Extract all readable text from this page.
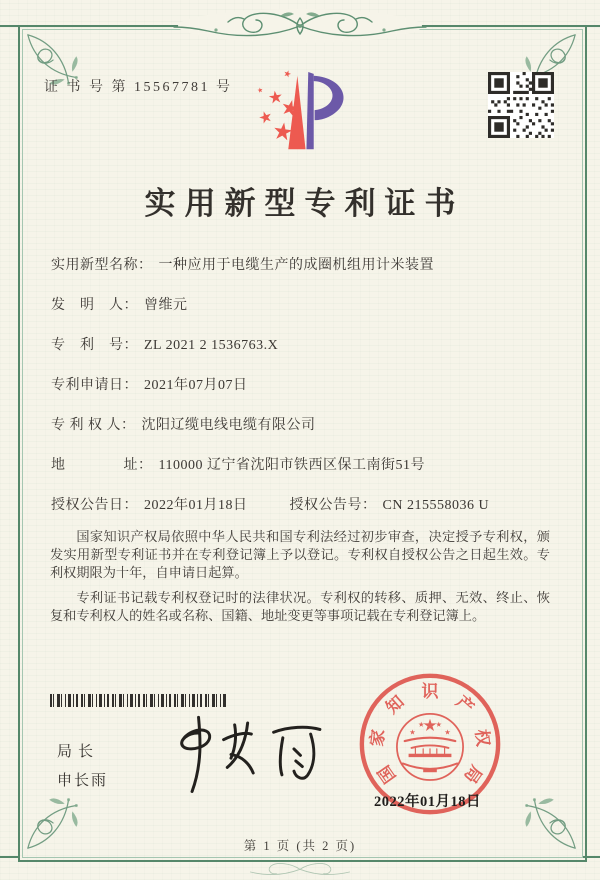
证 书 号 第 15567781 号
实用新型专利证书
实用新型名称： 一种应用于电缆生产的成圈机组用计米装置
发　明　人： 曾维元
专　利　号： ZL 2021 2 1536763.X
专利申请日： 2021年07月07日
专 利 权 人： 沈阳辽缆电线电缆有限公司
地　　　　址： 110000 辽宁省沈阳市铁西区保工南街51号
授权公告日： 2022年01月18日	授权公告号： CN 215558036 U

国家知识产权局依照中华人民共和国专利法经过初步审查，决定授予专利权，颁发实用新型专利证书并在专利登记簿上予以登记。专利权自授权公告之日起生效。专利权期限为十年，自申请日起算。

专利证书记载专利权登记时的法律状况。专利权的转移、质押、无效、终止、恢复和专利权人的姓名或名称、国籍、地址变更等事项记载在专利登记簿上。

局长
申长雨	国
家
知
识
产
权
局
2022年01月18日
第 1 页 (共 2 页)
